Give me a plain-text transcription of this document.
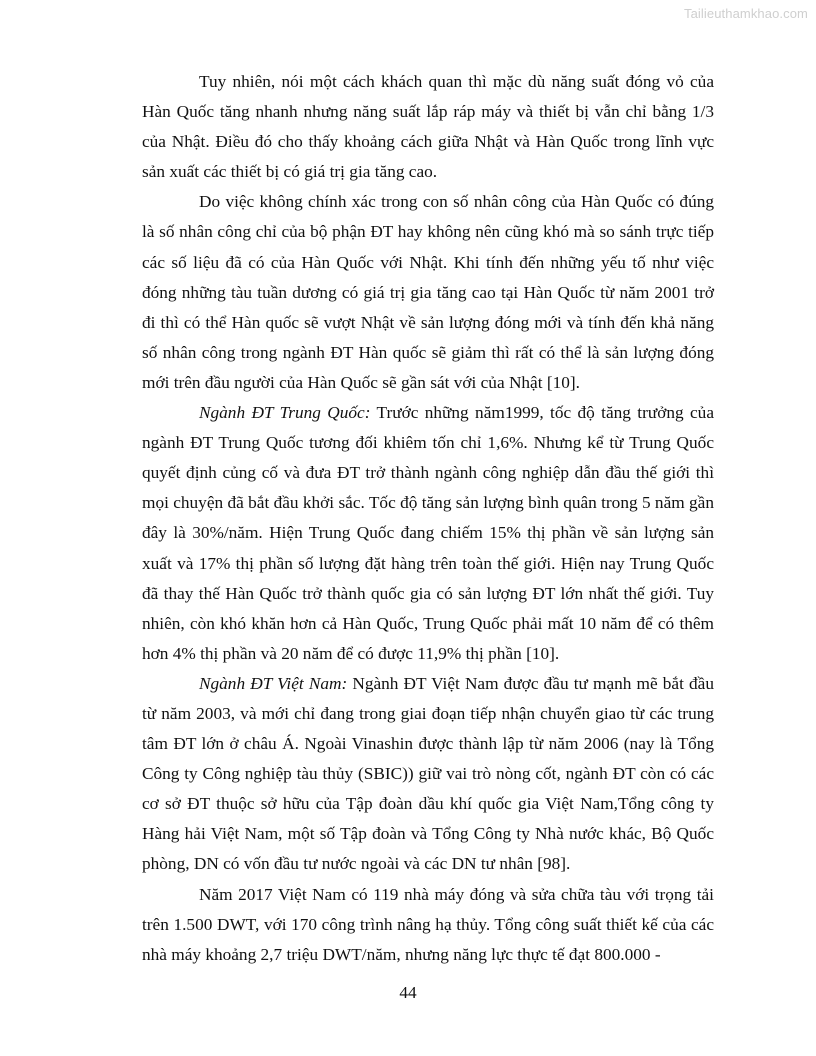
Tailieuthamkhao.com

Tuy nhiên, nói một cách khách quan thì mặc dù năng suất đóng vỏ của Hàn Quốc tăng nhanh nhưng năng suất lắp ráp máy và thiết bị vẫn chỉ bằng 1/3 của Nhật. Điều đó cho thấy khoảng cách giữa Nhật và Hàn Quốc trong lĩnh vực sản xuất các thiết bị có giá trị gia tăng cao.

Do việc không chính xác trong con số nhân công của Hàn Quốc có đúng là số nhân công chỉ của bộ phận ĐT hay không nên cũng khó mà so sánh trực tiếp các số liệu đã có của Hàn Quốc với Nhật. Khi tính đến những yếu tố như việc đóng những tàu tuần dương có giá trị gia tăng cao tại Hàn Quốc từ năm 2001 trở đi thì có thể Hàn quốc sẽ vượt Nhật về sản lượng đóng mới và tính đến khả năng số nhân công trong ngành ĐT Hàn quốc sẽ giảm thì rất có thể là sản lượng đóng mới trên đầu người của Hàn Quốc sẽ gần sát với của Nhật [10].

Ngành ĐT Trung Quốc: Trước những năm1999, tốc độ tăng trưởng của ngành ĐT Trung Quốc tương đối khiêm tốn chỉ 1,6%. Nhưng kể từ Trung Quốc quyết định củng cố và đưa ĐT trở thành ngành công nghiệp dẫn đầu thế giới thì mọi chuyện đã bắt đầu khởi sắc. Tốc độ tăng sản lượng bình quân trong 5 năm gần đây là 30%/năm. Hiện Trung Quốc đang chiếm 15% thị phần về sản lượng sản xuất và 17% thị phần số lượng đặt hàng trên toàn thế giới. Hiện nay Trung Quốc đã thay thế Hàn Quốc trở thành quốc gia có sản lượng ĐT lớn nhất thế giới. Tuy nhiên, còn khó khăn hơn cả Hàn Quốc, Trung Quốc phải mất 10 năm để có thêm hơn 4% thị phần và 20 năm để có được 11,9% thị phần [10].

Ngành ĐT Việt Nam: Ngành ĐT Việt Nam được đầu tư mạnh mẽ bắt đầu từ năm 2003, và mới chỉ đang trong giai đoạn tiếp nhận chuyển giao từ các trung tâm ĐT lớn ở châu Á. Ngoài Vinashin được thành lập từ năm 2006 (nay là Tổng Công ty Công nghiệp tàu thủy (SBIC)) giữ vai trò nòng cốt, ngành ĐT còn có các cơ sở ĐT thuộc sở hữu của Tập đoàn dầu khí quốc gia Việt Nam,Tổng công ty Hàng hải Việt Nam, một số Tập đoàn và Tổng Công ty Nhà nước khác, Bộ Quốc phòng, DN có vốn đầu tư nước ngoài và các DN tư nhân [98].

Năm 2017 Việt Nam có 119 nhà máy đóng và sửa chữa tàu với trọng tải trên 1.500 DWT, với 170 công trình nâng hạ thủy. Tổng công suất thiết kế của các nhà máy khoảng 2,7 triệu DWT/năm, nhưng năng lực thực tế đạt 800.000 -

44
